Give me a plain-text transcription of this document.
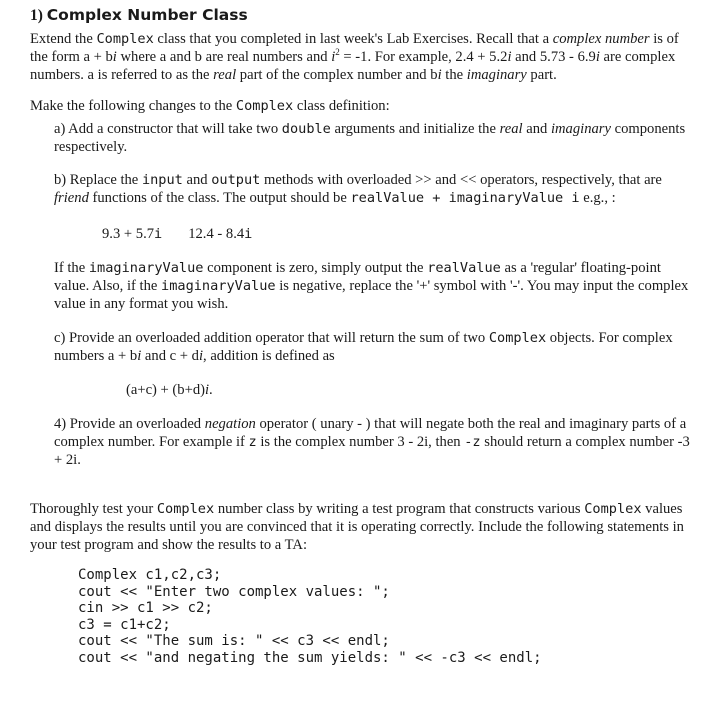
1) Complex Number Class

Extend the Complex class that you completed in last week's Lab Exercises. Recall that a complex number is of the form a + bi where a and b are real numbers and $i^2 = -1$. For example, 2.4 + 5.2i and 5.73 - 6.9i are complex numbers. a is referred to as the real part of the complex number and bi the imaginary part.

Make the following changes to the Complex class definition:

a) Add a constructor that will take two double arguments and initialize the real and imaginary components respectively.

b) Replace the input and output methods with overloaded >> and << operators, respectively, that are friend functions of the class. The output should be realValue + imaginaryValue i e.g., :

9.3 + 5.7i 12.4 - 8.4i

If the imaginaryValue component is zero, simply output the realValue as a 'regular' floating-point value. Also, if the imaginaryValue is negative, replace the '+' symbol with '-'. You may input the complex value in any format you wish.

c) Provide an overloaded addition operator that will return the sum of two Complex objects. For complex numbers a + bi and c + di, addition is defined as

(a+c) + (b+d)i.

4) Provide an overloaded negation operator ( unary - ) that will negate both the real and imaginary parts of a complex number. For example if z is the complex number 3 - 2i, then -z should return a complex number -3 + 2i.

Thoroughly test your Complex number class by writing a test program that constructs various Complex values and displays the results until you are convinced that it is operating correctly. Include the following statements in your test program and show the results to a TA:

Complex c1,c2,c3;
cout << "Enter two complex values: ";
cin >> c1 >> c2;
c3 = c1+c2;
cout << "The sum is: " << c3 << endl;
cout << "and negating the sum yields: " << -c3 << endl;
